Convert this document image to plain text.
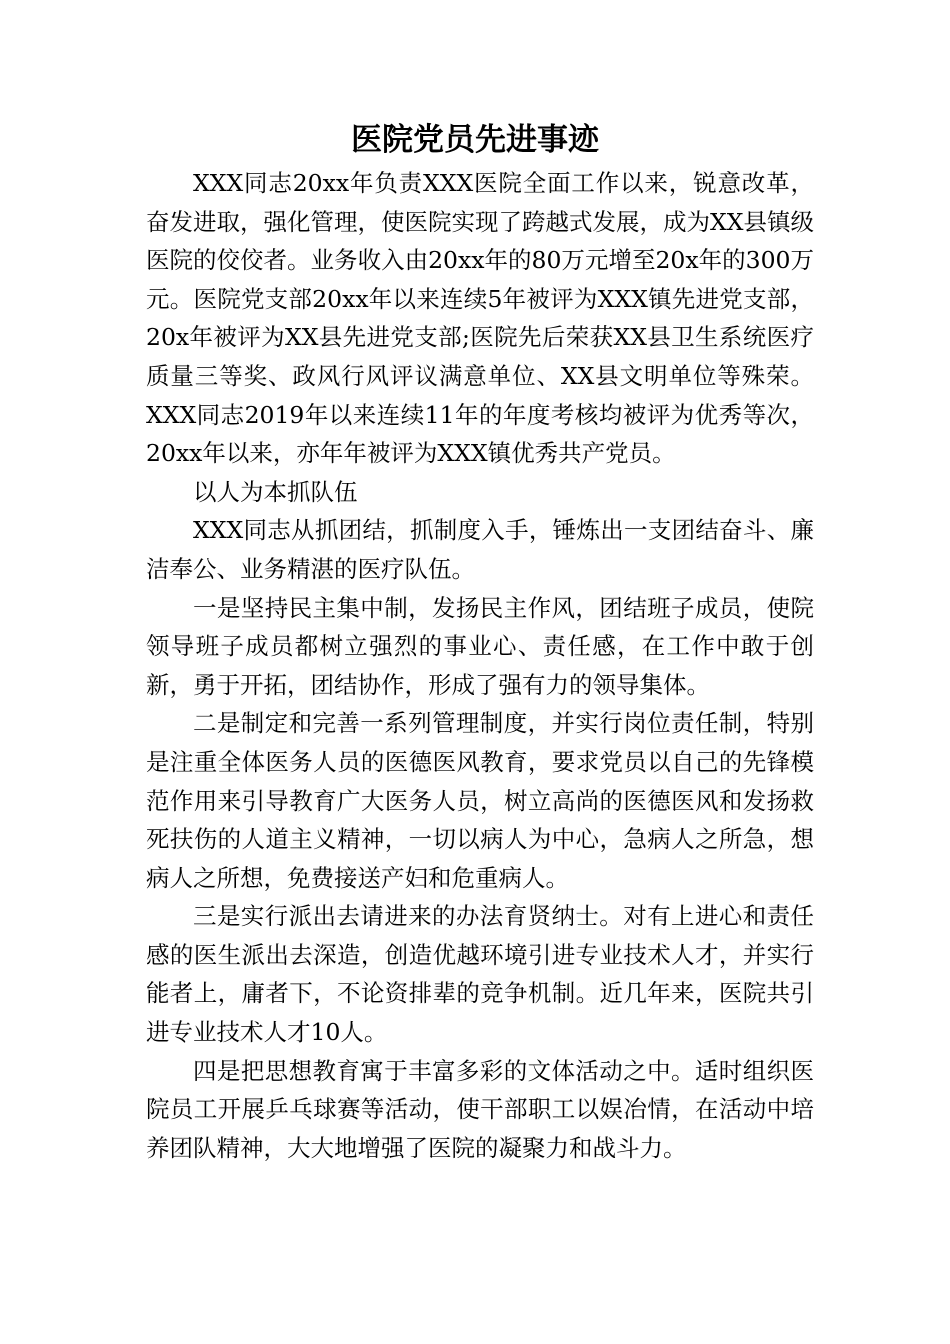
医院党员先进事迹

XXX同志20xx年负责XXX医院全面工作以来，锐意改革，奋发进取，强化管理，使医院实现了跨越式发展，成为XX县镇级医院的佼佼者。业务收入由20xx年的80万元增至20x年的300万元。医院党支部20xx年以来连续5年被评为XXX镇先进党支部，20x年被评为XX县先进党支部;医院先后荣获XX县卫生系统医疗质量三等奖、政风行风评议满意单位、XX县文明单位等殊荣。XXX同志2019年以来连续11年的年度考核均被评为优秀等次，20xx年以来，亦年年被评为XXX镇优秀共产党员。

以人为本抓队伍

XXX同志从抓团结，抓制度入手，锤炼出一支团结奋斗、廉洁奉公、业务精湛的医疗队伍。

一是坚持民主集中制，发扬民主作风，团结班子成员，使院领导班子成员都树立强烈的事业心、责任感，在工作中敢于创新，勇于开拓，团结协作，形成了强有力的领导集体。

二是制定和完善一系列管理制度，并实行岗位责任制，特别是注重全体医务人员的医德医风教育，要求党员以自己的先锋模范作用来引导教育广大医务人员，树立高尚的医德医风和发扬救死扶伤的人道主义精神，一切以病人为中心，急病人之所急，想病人之所想，免费接送产妇和危重病人。

三是实行派出去请进来的办法育贤纳士。对有上进心和责任感的医生派出去深造，创造优越环境引进专业技术人才，并实行能者上，庸者下，不论资排辈的竞争机制。近几年来，医院共引进专业技术人才10人。

四是把思想教育寓于丰富多彩的文体活动之中。适时组织医院员工开展乒乓球赛等活动，使干部职工以娱冶情，在活动中培养团队精神，大大地增强了医院的凝聚力和战斗力。
